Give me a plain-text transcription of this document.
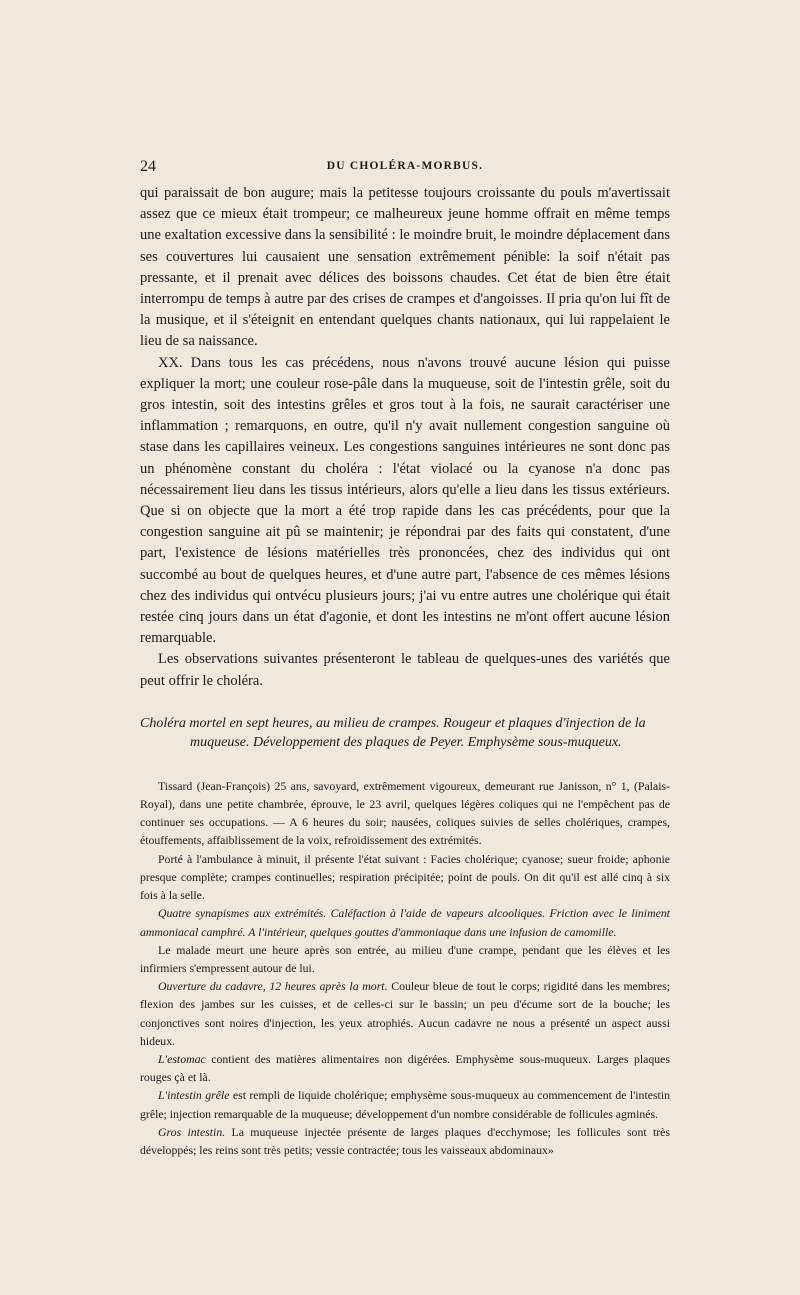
24	DU CHOLÉRA-MORBUS.

qui paraissait de bon augure; mais la petitesse toujours croissante du pouls m'avertissait assez que ce mieux était trompeur; ce malheureux jeune homme offrait en même temps une exaltation excessive dans la sensibilité : le moindre bruit, le moindre déplacement dans ses couvertures lui causaient une sensation extrêmement pénible: la soif n'était pas pressante, et il prenait avec délices des boissons chaudes. Cet état de bien être était interrompu de temps à autre par des crises de crampes et d'angoisses. Il pria qu'on lui fît de la musique, et il s'éteignit en entendant quelques chants nationaux, qui lui rappelaient le lieu de sa naissance.

XX. Dans tous les cas précédens, nous n'avons trouvé aucune lésion qui puisse expliquer la mort; une couleur rose-pâle dans la muqueuse, soit de l'intestin grêle, soit du gros intestin, soit des intestins grêles et gros tout à la fois, ne saurait caractériser une inflammation ; remarquons, en outre, qu'il n'y avait nullement congestion sanguine où stase dans les capillaires veineux. Les congestions sanguines intérieures ne sont donc pas un phénomène constant du choléra : l'état violacé ou la cyanose n'a donc pas nécessairement lieu dans les tissus intérieurs, alors qu'elle a lieu dans les tissus extérieurs. Que si on objecte que la mort a été trop rapide dans les cas précédents, pour que la congestion sanguine ait pû se maintenir; je répondrai par des faits qui constatent, d'une part, l'existence de lésions matérielles très prononcées, chez des individus qui ont succombé au bout de quelques heures, et d'une autre part, l'absence de ces mêmes lésions chez des individus qui ontvécu plusieurs jours; j'ai vu entre autres une cholérique qui était restée cinq jours dans un état d'agonie, et dont les intestins ne m'ont offert aucune lésion remarquable.

Les observations suivantes présenteront le tableau de quelques-unes des variétés que peut offrir le choléra.

Choléra mortel en sept heures, au milieu de crampes. Rougeur et plaques d'injection de la
muqueuse. Développement des plaques de Peyer. Emphysème sous-muqueux.

Tissard (Jean-François) 25 ans, savoyard, extrêmement vigoureux, demeurant rue Janisson, n° 1, (Palais-Royal), dans une petite chambrée, éprouve, le 23 avril, quelques légères coliques qui ne l'empêchent pas de continuer ses occupations. — A 6 heures du soir; nausées, coliques suivies de selles cholériques, crampes, étouffements, affaiblissement de la voix, refroidissement des extrémités.

Porté à l'ambulance à minuit, il présente l'état suivant : Facies cholérique; cyanose; sueur froide; aphonie presque complète; crampes continuelles; respiration précipitée; point de pouls. On dit qu'il est allé cinq à six fois à la selle.

Quatre synapismes aux extrémités. Caléfaction à l'aide de vapeurs alcooliques. Friction avec le liniment ammoniacal camphré. A l'intérieur, quelques gouttes d'ammoniaque dans une infusion de camomille.

Le malade meurt une heure après son entrée, au milieu d'une crampe, pendant que les élèves et les infirmiers s'empressent autour de lui.

Ouverture du cadavre, 12 heures après la mort. Couleur bleue de tout le corps; rigidité dans les membres; flexion des jambes sur les cuisses, et de celles-ci sur le bassin; un peu d'écume sort de la bouche; les conjonctives sont noires d'injection, les yeux atrophiés. Aucun cadavre ne nous a présenté un aspect aussi hideux.

L'estomac contient des matières alimentaires non digérées. Emphysème sous-muqueux. Larges plaques rouges çà et là.

L'intestin grêle est rempli de liquide cholérique; emphysème sous-muqueux au commencement de l'intestin grêle; injection remarquable de la muqueuse; développement d'un nombre considérable de follicules agminés.

Gros intestin. La muqueuse injectée présente de larges plaques d'ecchymose; les follicules sont très développés; les reins sont très petits; vessie contractée; tous les vaisseaux abdominaux»
